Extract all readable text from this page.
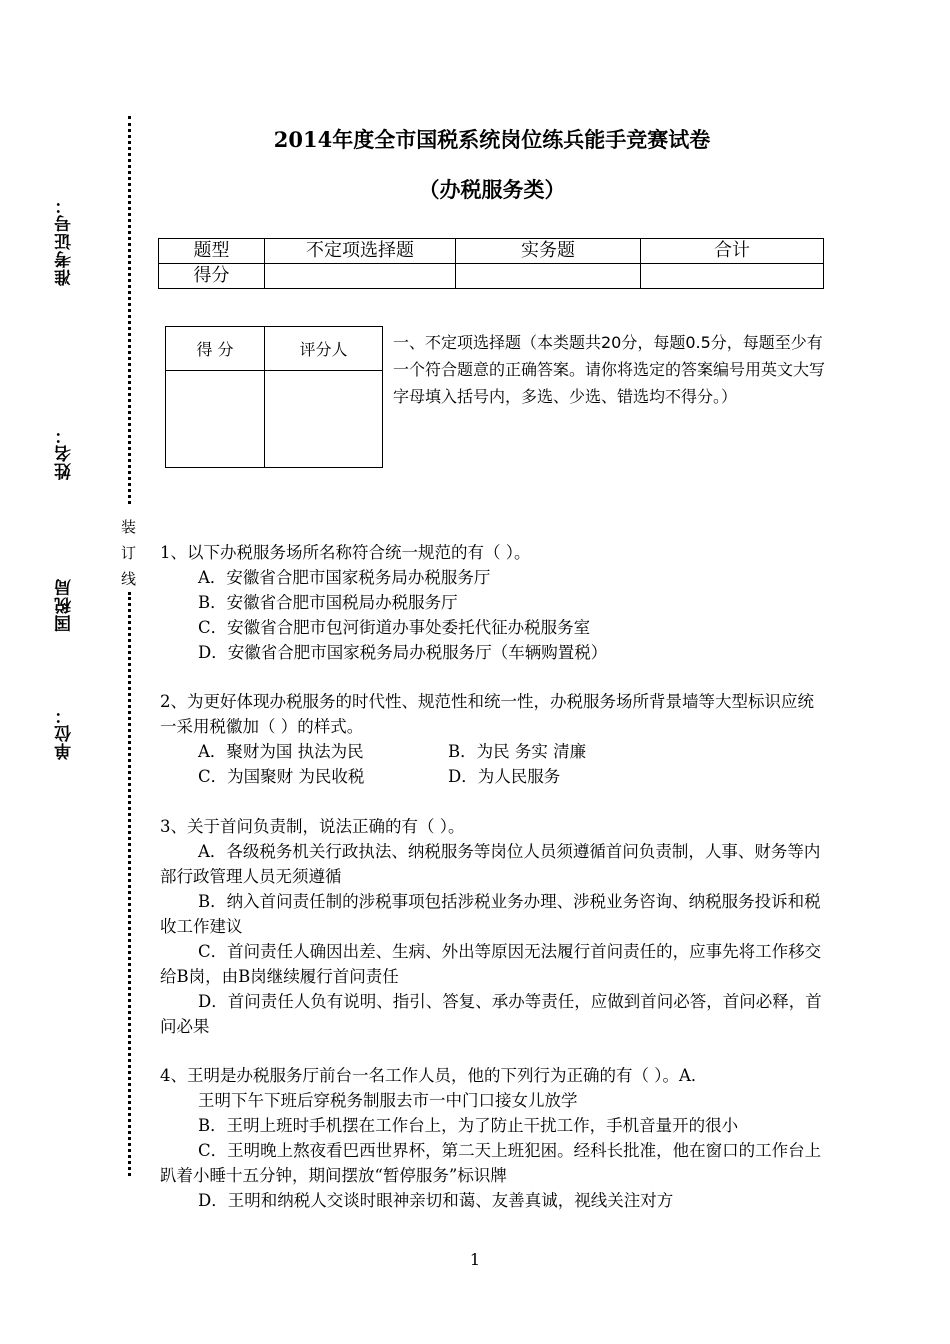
准考证号：
姓名：
国税局
单位：
装
订
线
2014年度全市国税系统岗位练兵能手竞赛试卷
（办税服务类）
题型	不定项选择题	实务题	合计
得分			
得 分	评分人
		一、不定项选择题（本类题共20分，每题0.5分，每题至少有一个符合题意的正确答案。请你将选定的答案编号用英文大写字母填入括号内，多选、少选、错选均不得分。）

1、以下办税服务场所名称符合统一规范的有（ ）。

A．安徽省合肥市国家税务局办税服务厅

B．安徽省合肥市国税局办税服务厅

C．安徽省合肥市包河街道办事处委托代征办税服务室

D．安徽省合肥市国家税务局办税服务厅（车辆购置税）

2、为更好体现办税服务的时代性、规范性和统一性，办税服务场所背景墙等大型标识应统一采用税徽加（ ）的样式。

A．聚财为国 执法为民	B．为民 务实 清廉

C．为国聚财 为民收税	D．为人民服务

3、关于首问负责制，说法正确的有（ ）。

A．各级税务机关行政执法、纳税服务等岗位人员须遵循首问负责制，人事、财务等内部行政管理人员无须遵循

B．纳入首问责任制的涉税事项包括涉税业务办理、涉税业务咨询、纳税服务投诉和税收工作建议

C．首问责任人确因出差、生病、外出等原因无法履行首问责任的，应事先将工作移交给B岗，由B岗继续履行首问责任

D．首问责任人负有说明、指引、答复、承办等责任，应做到首问必答，首问必释，首问必果

4、王明是办税服务厅前台一名工作人员，他的下列行为正确的有（ ）。A．

王明下午下班后穿税务制服去市一中门口接女儿放学

B．王明上班时手机摆在工作台上，为了防止干扰工作，手机音量开的很小

C．王明晚上熬夜看巴西世界杯，第二天上班犯困。经科长批准，他在窗口的工作台上趴着小睡十五分钟，期间摆放“暂停服务”标识牌

D．王明和纳税人交谈时眼神亲切和蔼、友善真诚，视线关注对方

1
